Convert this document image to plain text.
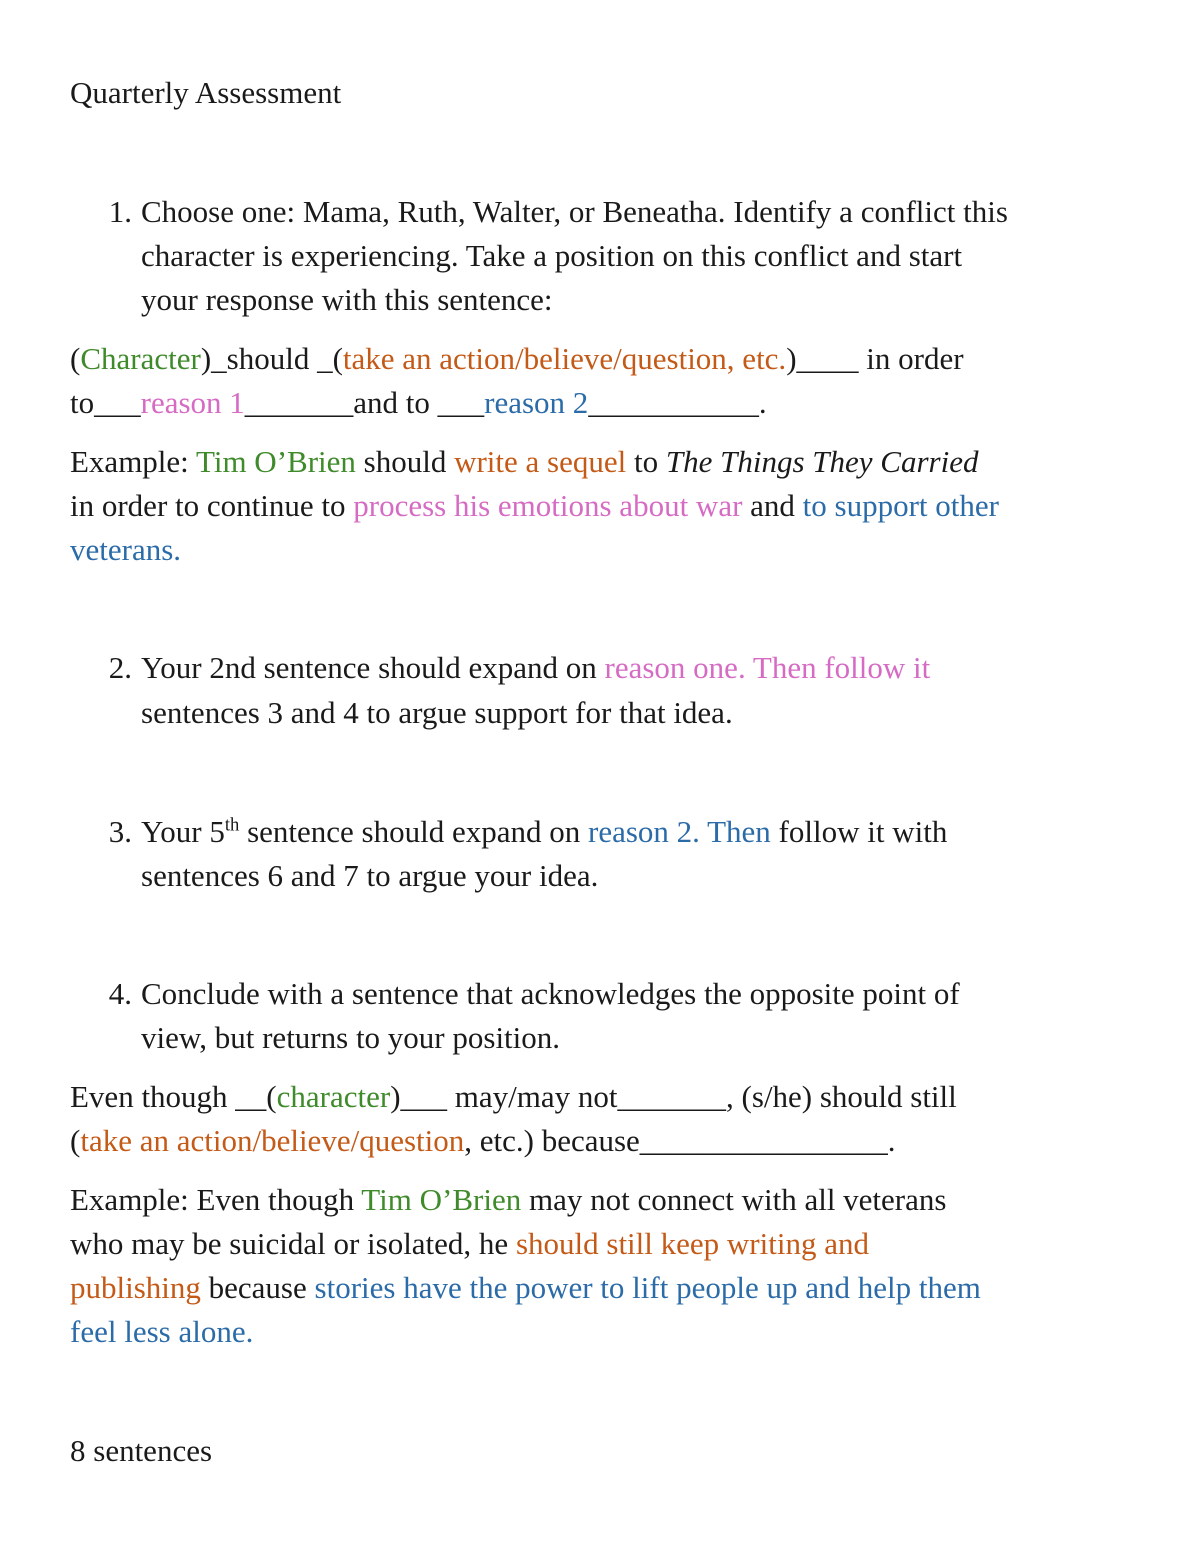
Quarterly Assessment
1. Choose one: Mama, Ruth, Walter, or Beneatha. Identify a conflict this
character is experiencing. Take a position on this conflict and start
your response with this sentence:
(Character)_should _(take an action/believe/question, etc.)____ in order
to___reason 1_______and to ___reason 2___________.
Example: Tim O’Brien should write a sequel to The Things They Carried
in order to continue to process his emotions about war and to support other
veterans.
2. Your 2nd sentence should expand on reason one. Then follow it
sentences 3 and 4 to argue support for that idea.
3. Your 5th sentence should expand on reason 2. Then follow it with
sentences 6 and 7 to argue your idea.
4. Conclude with a sentence that acknowledges the opposite point of
view, but returns to your position.
Even though __(character)___ may/may not_______, (s/he) should still
(take an action/believe/question, etc.) because________________.
Example: Even though Tim O’Brien may not connect with all veterans
who may be suicidal or isolated, he should still keep writing and
publishing because stories have the power to lift people up and help them
feel less alone.
8 sentences
